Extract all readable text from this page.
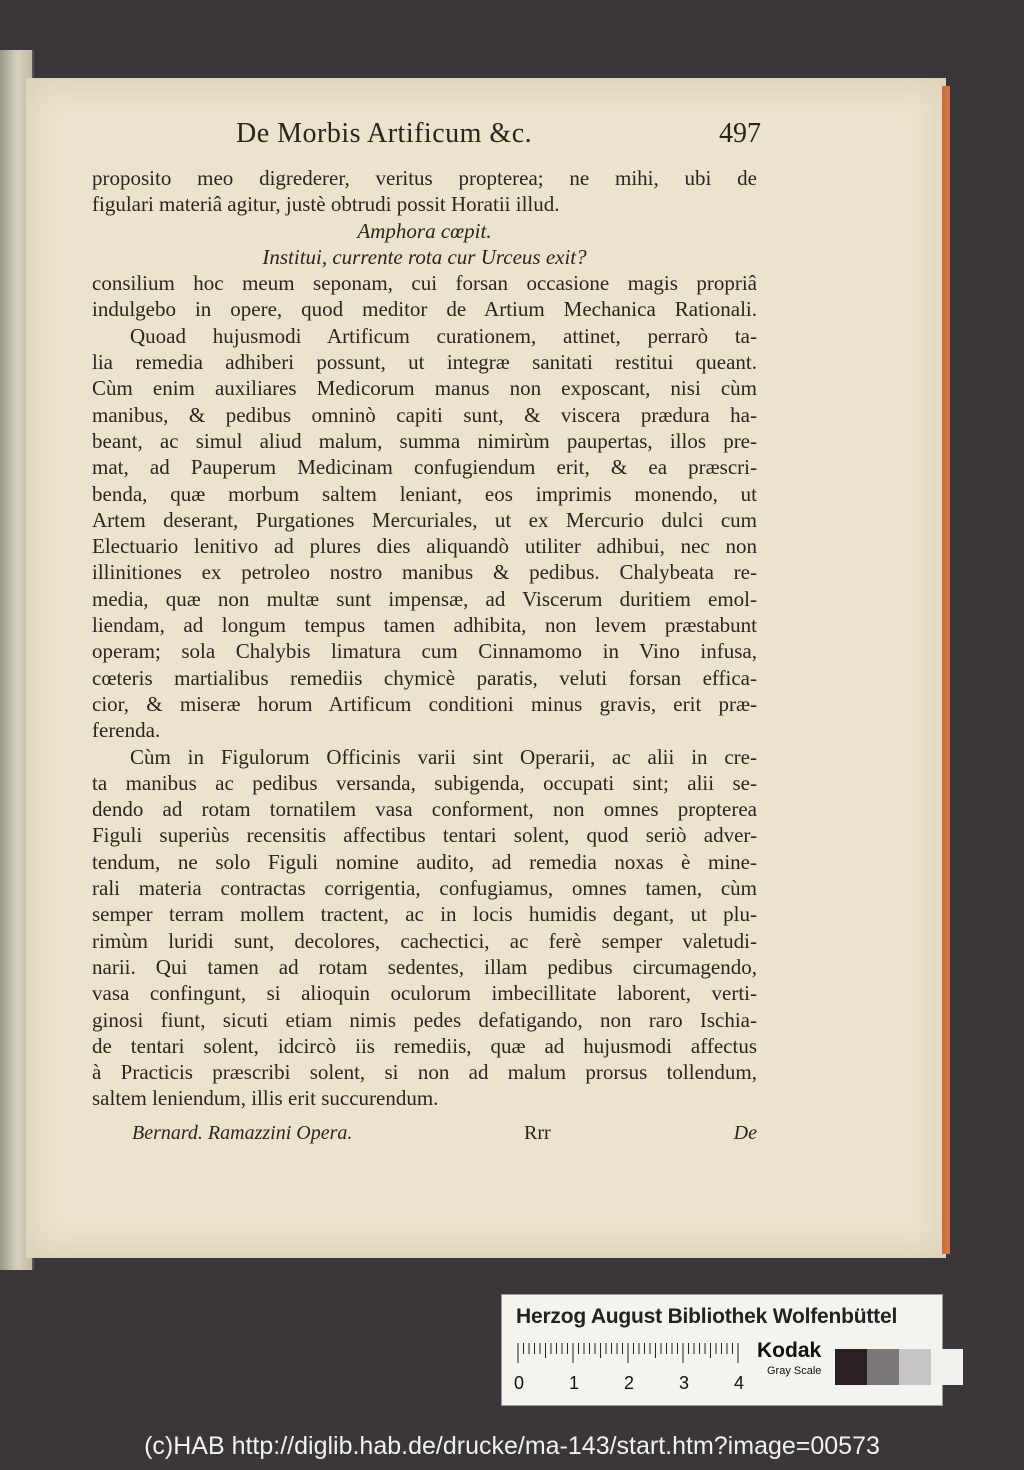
De Morbis Artificum &c.	497
proposito meo digrederer, veritus propterea; ne mihi, ubi de
figulari materiâ agitur, justè obtrudi possit Horatii illud.
Amphora cœpit.
Institui, currente rota cur Urceus exit?
consilium hoc meum seponam, cui forsan occasione magis propriâ
indulgebo in opere, quod meditor de Artium Mechanica Rationali.
Quoad hujusmodi Artificum curationem, attinet, perrarò ta-
lia remedia adhiberi possunt, ut integræ sanitati restitui queant.
Cùm enim auxiliares Medicorum manus non exposcant, nisi cùm
manibus, & pedibus omninò capiti sunt, & viscera prædura ha-
beant, ac simul aliud malum, summa nimirùm paupertas, illos pre-
mat, ad Pauperum Medicinam confugiendum erit, & ea præscri-
benda, quæ morbum saltem leniant, eos imprimis monendo, ut
Artem deserant, Purgationes Mercuriales, ut ex Mercurio dulci cum
Electuario lenitivo ad plures dies aliquandò utiliter adhibui, nec non
illinitiones ex petroleo nostro manibus & pedibus. Chalybeata re-
media, quæ non multæ sunt impensæ, ad Viscerum duritiem emol-
liendam, ad longum tempus tamen adhibita, non levem præstabunt
operam; sola Chalybis limatura cum Cinnamomo in Vino infusa,
cœteris martialibus remediis chymicè paratis, veluti forsan effica-
cior, & miseræ horum Artificum conditioni minus gravis, erit præ-
ferenda.
Cùm in Figulorum Officinis varii sint Operarii, ac alii in cre-
ta manibus ac pedibus versanda, subigenda, occupati sint; alii se-
dendo ad rotam tornatilem vasa conforment, non omnes propterea
Figuli superiùs recensitis affectibus tentari solent, quod seriò adver-
tendum, ne solo Figuli nomine audito, ad remedia noxas è mine-
rali materia contractas corrigentia, confugiamus, omnes tamen, cùm
semper terram mollem tractent, ac in locis humidis degant, ut plu-
rimùm luridi sunt, decolores, cachectici, ac ferè semper valetudi-
narii. Qui tamen ad rotam sedentes, illam pedibus circumagendo,
vasa confingunt, si alioquin oculorum imbecillitate laborent, verti-
ginosi fiunt, sicuti etiam nimis pedes defatigando, non raro Ischia-
de tentari solent, idcircò iis remediis, quæ ad hujusmodi affectus
à Practicis præscribi solent, si non ad malum prorsus tollendum,
saltem leniendum, illis erit succurendum.
Bernard. Ramazzini Opera.	Rrr	De
Herzog August Bibliothek Wolfenbüttel
0 1 2 3 4
Kodak
Gray Scale
(c)HAB http://diglib.hab.de/drucke/ma-143/start.htm?image=00573
